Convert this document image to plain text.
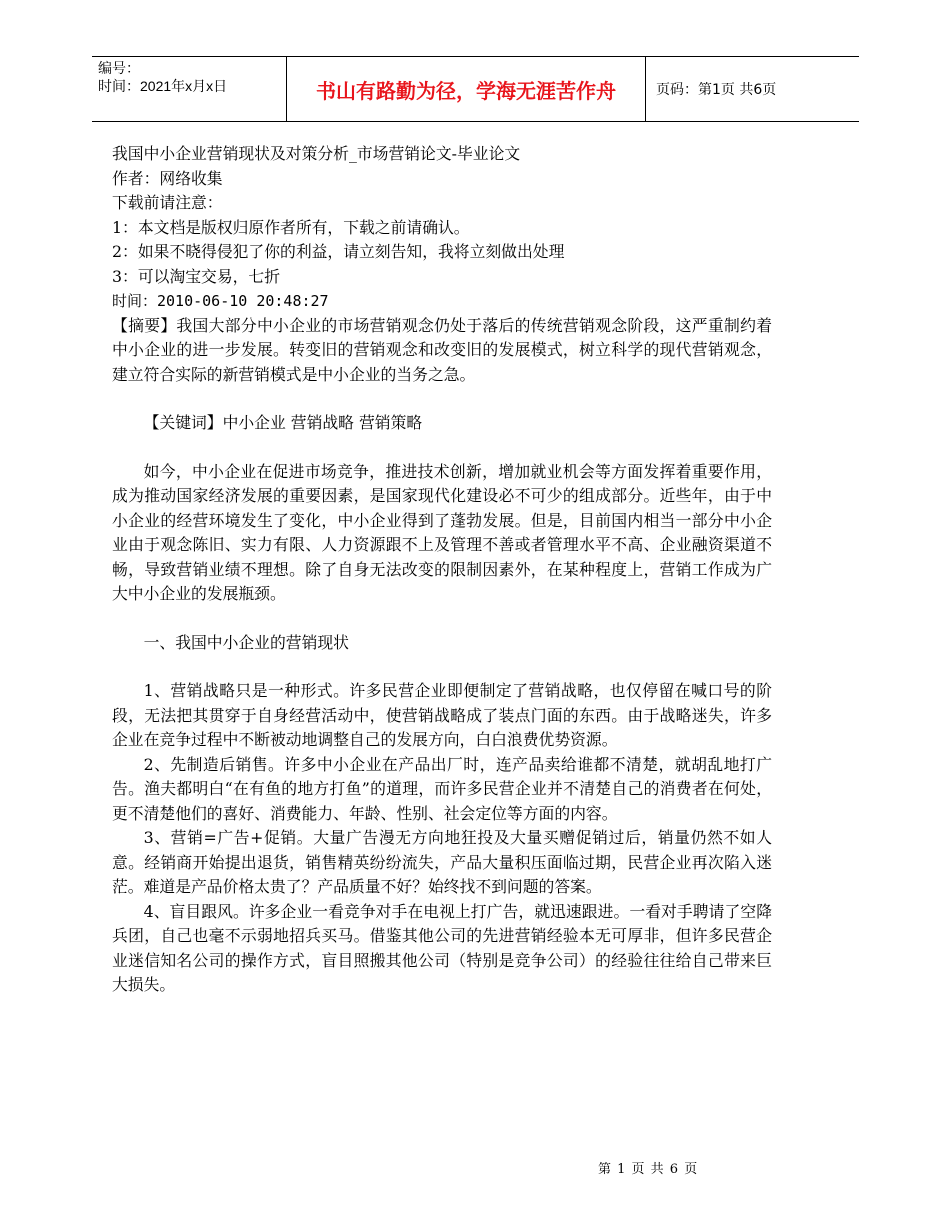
编号：
时间：2021年x月x日	书山有路勤为径，学海无涯苦作舟	页码：第1页 共6页
我国中小企业营销现状及对策分析_市场营销论文-毕业论文
作者：网络收集
下载前请注意：
1：本文档是版权归原作者所有，下载之前请确认。
2：如果不晓得侵犯了你的利益，请立刻告知，我将立刻做出处理
3：可以淘宝交易，七折
时间：2010-06-10 20:48:27
【摘要】我国大部分中小企业的市场营销观念仍处于落后的传统营销观念阶段，这严重制约着中小企业的进一步发展。转变旧的营销观念和改变旧的发展模式，树立科学的现代营销观念，建立符合实际的新营销模式是中小企业的当务之急。
【关键词】中小企业 营销战略 营销策略
如今，中小企业在促进市场竞争，推进技术创新，增加就业机会等方面发挥着重要作用，成为推动国家经济发展的重要因素，是国家现代化建设必不可少的组成部分。近些年，由于中小企业的经营环境发生了变化，中小企业得到了蓬勃发展。但是，目前国内相当一部分中小企业由于观念陈旧、实力有限、人力资源跟不上及管理不善或者管理水平不高、企业融资渠道不畅，导致营销业绩不理想。除了自身无法改变的限制因素外，在某种程度上，营销工作成为广大中小企业的发展瓶颈。
一、我国中小企业的营销现状
1、营销战略只是一种形式。许多民营企业即便制定了营销战略，也仅停留在喊口号的阶段，无法把其贯穿于自身经营活动中，使营销战略成了装点门面的东西。由于战略迷失，许多企业在竞争过程中不断被动地调整自己的发展方向，白白浪费优势资源。
2、先制造后销售。许多中小企业在产品出厂时，连产品卖给谁都不清楚，就胡乱地打广告。渔夫都明白“在有鱼的地方打鱼”的道理，而许多民营企业并不清楚自己的消费者在何处，更不清楚他们的喜好、消费能力、年龄、性别、社会定位等方面的内容。
3、营销=广告+促销。大量广告漫无方向地狂投及大量买赠促销过后，销量仍然不如人意。经销商开始提出退货，销售精英纷纷流失，产品大量积压面临过期，民营企业再次陷入迷茫。难道是产品价格太贵了？产品质量不好？始终找不到问题的答案。
4、盲目跟风。许多企业一看竞争对手在电视上打广告，就迅速跟进。一看对手聘请了空降兵团，自己也毫不示弱地招兵买马。借鉴其他公司的先进营销经验本无可厚非，但许多民营企业迷信知名公司的操作方式，盲目照搬其他公司（特别是竞争公司）的经验往往给自己带来巨大损失。
第 1 页 共 6 页
